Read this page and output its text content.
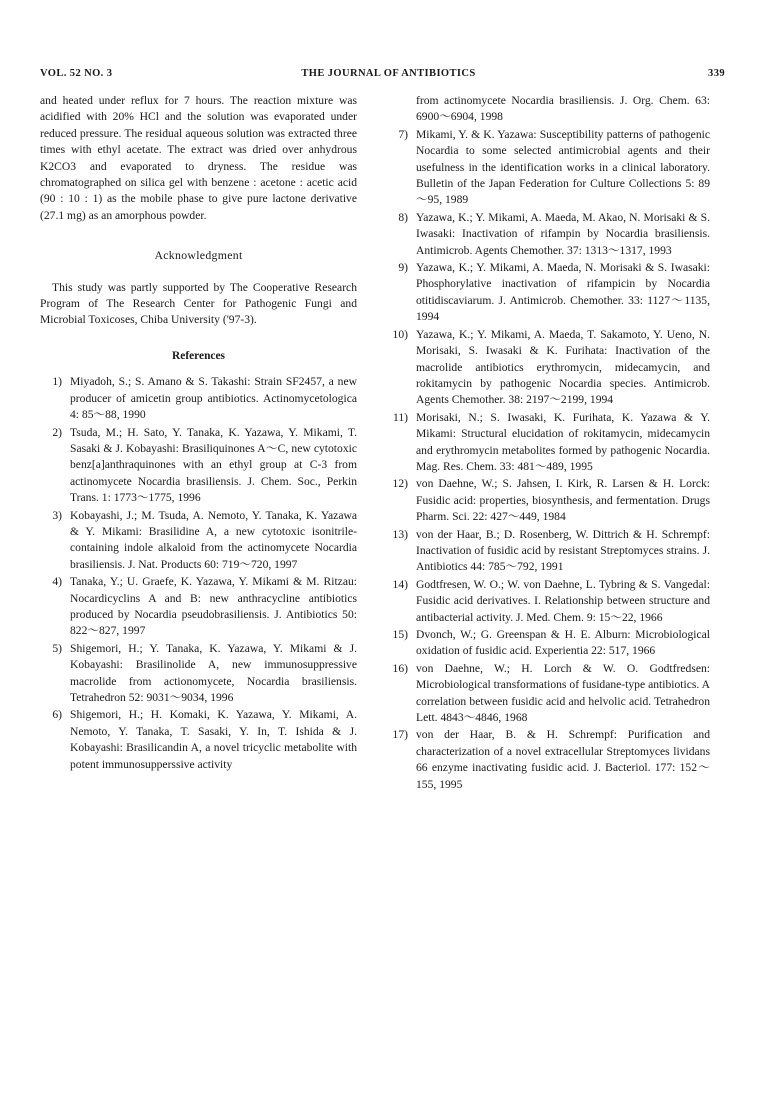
VOL. 52 NO. 3	THE JOURNAL OF ANTIBIOTICS	339

and heated under reflux for 7 hours. The reaction mixture was acidified with 20% HCl and the solution was evaporated under reduced pressure. The residual aqueous solution was extracted three times with ethyl acetate. The extract was dried over anhydrous K2CO3 and evaporated to dryness. The residue was chromatographed on silica gel with benzene : acetone : acetic acid (90 : 10 : 1) as the mobile phase to give pure lactone derivative (27.1 mg) as an amorphous powder.

Acknowledgment

This study was partly supported by The Cooperative Research Program of The Research Center for Pathogenic Fungi and Microbial Toxicoses, Chiba University ('97-3).

References
1) Miyadoh, S.; S. Amano & S. Takashi: Strain SF2457, a new producer of amicetin group antibiotics. Actinomycetologica 4: 85～88, 1990
2) Tsuda, M.; H. Sato, Y. Tanaka, K. Yazawa, Y. Mikami, T. Sasaki & J. Kobayashi: Brasiliquinones A～C, new cytotoxic benz[a]anthraquinones with an ethyl group at C-3 from actinomycete Nocardia brasiliensis. J. Chem. Soc., Perkin Trans. 1: 1773～1775, 1996
3) Kobayashi, J.; M. Tsuda, A. Nemoto, Y. Tanaka, K. Yazawa & Y. Mikami: Brasilidine A, a new cytotoxic isonitrile-containing indole alkaloid from the actinomycete Nocardia brasiliensis. J. Nat. Products 60: 719～720, 1997
4) Tanaka, Y.; U. Graefe, K. Yazawa, Y. Mikami & M. Ritzau: Nocardicyclins A and B: new anthracycline antibiotics produced by Nocardia pseudobrasiliensis. J. Antibiotics 50: 822～827, 1997
5) Shigemori, H.; Y. Tanaka, K. Yazawa, Y. Mikami & J. Kobayashi: Brasilinolide A, new immunosuppressive macrolide from actionomycete, Nocardia brasiliensis. Tetrahedron 52: 9031～9034, 1996
6) Shigemori, H.; H. Komaki, K. Yazawa, Y. Mikami, A. Nemoto, Y. Tanaka, T. Sasaki, Y. In, T. Ishida & J. Kobayashi: Brasilicandin A, a novel tricyclic metabolite with potent immunosupperssive activity
from actinomycete Nocardia brasiliensis. J. Org. Chem. 63: 6900～6904, 1998
7) Mikami, Y. & K. Yazawa: Susceptibility patterns of pathogenic Nocardia to some selected antimicrobial agents and their usefulness in the identification works in a clinical laboratory. Bulletin of the Japan Federation for Culture Collections 5: 89～95, 1989
8) Yazawa, K.; Y. Mikami, A. Maeda, M. Akao, N. Morisaki & S. Iwasaki: Inactivation of rifampin by Nocardia brasiliensis. Antimicrob. Agents Chemother. 37: 1313～1317, 1993
9) Yazawa, K.; Y. Mikami, A. Maeda, N. Morisaki & S. Iwasaki: Phosphorylative inactivation of rifampicin by Nocardia otitidiscaviarum. J. Antimicrob. Chemother. 33: 1127～1135, 1994
10) Yazawa, K.; Y. Mikami, A. Maeda, T. Sakamoto, Y. Ueno, N. Morisaki, S. Iwasaki & K. Furihata: Inactivation of the macrolide antibiotics erythromycin, midecamycin, and rokitamycin by pathogenic Nocardia species. Antimicrob. Agents Chemother. 38: 2197～2199, 1994
11) Morisaki, N.; S. Iwasaki, K. Furihata, K. Yazawa & Y. Mikami: Structural elucidation of rokitamycin, midecamycin and erythromycin metabolites formed by pathogenic Nocardia. Mag. Res. Chem. 33: 481～489, 1995
12) von Daehne, W.; S. Jahsen, I. Kirk, R. Larsen & H. Lorck: Fusidic acid: properties, biosynthesis, and fermentation. Drugs Pharm. Sci. 22: 427～449, 1984
13) von der Haar, B.; D. Rosenberg, W. Dittrich & H. Schrempf: Inactivation of fusidic acid by resistant Streptomyces strains. J. Antibiotics 44: 785～792, 1991
14) Godtfresen, W. O.; W. von Daehne, L. Tybring & S. Vangedal: Fusidic acid derivatives. I. Relationship between structure and antibacterial activity. J. Med. Chem. 9: 15～22, 1966
15) Dvonch, W.; G. Greenspan & H. E. Alburn: Microbiological oxidation of fusidic acid. Experientia 22: 517, 1966
16) von Daehne, W.; H. Lorch & W. O. Godtfredsen: Microbiological transformations of fusidane-type antibiotics. A correlation between fusidic acid and helvolic acid. Tetrahedron Lett. 4843～4846, 1968
17) von der Haar, B. & H. Schrempf: Purification and characterization of a novel extracellular Streptomyces lividans 66 enzyme inactivating fusidic acid. J. Bacteriol. 177: 152～155, 1995
